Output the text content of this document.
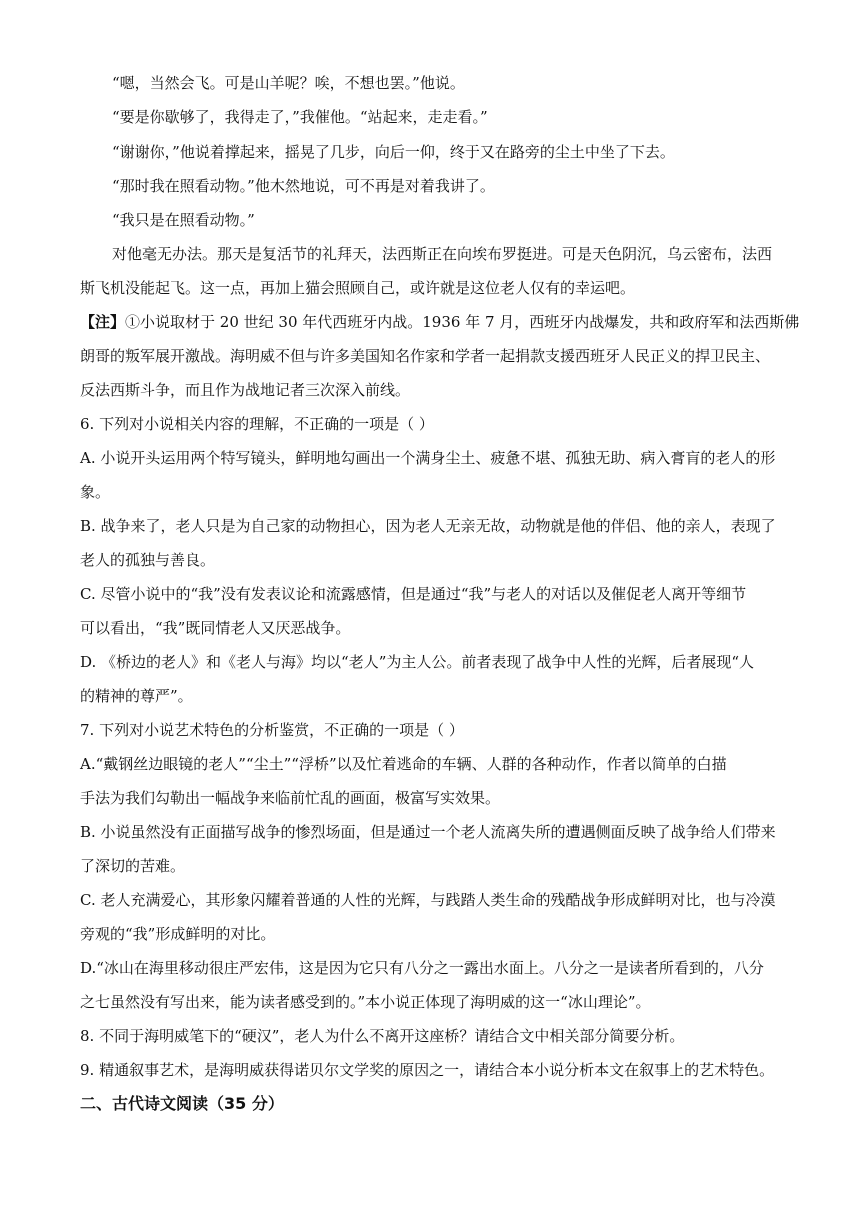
“嗯，当然会飞。可是山羊呢？唉，不想也罢。”他说。
“要是你歇够了，我得走了，”我催他。“站起来，走走看。”
“谢谢你，”他说着撑起来，摇晃了几步，向后一仰，终于又在路旁的尘土中坐了下去。
“那时我在照看动物。”他木然地说，可不再是对着我讲了。
“我只是在照看动物。”
对他毫无办法。那天是复活节的礼拜天，法西斯正在向埃布罗挺进。可是天色阴沉，乌云密布，法西
斯飞机没能起飞。这一点，再加上猫会照顾自己，或许就是这位老人仅有的幸运吧。
【注】①小说取材于 20 世纪 30 年代西班牙内战。1936 年 7 月，西班牙内战爆发，共和政府军和法西斯佛
朗哥的叛军展开激战。海明威不但与许多美国知名作家和学者一起捐款支援西班牙人民正义的捍卫民主、
反法西斯斗争，而且作为战地记者三次深入前线。
6. 下列对小说相关内容的理解，不正确的一项是（ ）
A. 小说开头运用两个特写镜头，鲜明地勾画出一个满身尘土、疲惫不堪、孤独无助、病入膏肓的老人的形
象。
B. 战争来了，老人只是为自己家的动物担心，因为老人无亲无故，动物就是他的伴侣、他的亲人，表现了
老人的孤独与善良。
C. 尽管小说中的“我”没有发表议论和流露感情，但是通过“我”与老人的对话以及催促老人离开等细节
可以看出，“我”既同情老人又厌恶战争。
D. 《桥边的老人》和《老人与海》均以“老人”为主人公。前者表现了战争中人性的光辉，后者展现“人
的精神的尊严”。
7. 下列对小说艺术特色的分析鉴赏，不正确的一项是（ ）
A.“戴钢丝边眼镜的老人”“尘土”“浮桥”以及忙着逃命的车辆、人群的各种动作，作者以简单的白描
手法为我们勾勒出一幅战争来临前忙乱的画面，极富写实效果。
B. 小说虽然没有正面描写战争的惨烈场面，但是通过一个老人流离失所的遭遇侧面反映了战争给人们带来
了深切的苦难。
C. 老人充满爱心，其形象闪耀着普通的人性的光辉，与践踏人类生命的残酷战争形成鲜明对比，也与冷漠
旁观的“我”形成鲜明的对比。
D.“冰山在海里移动很庄严宏伟，这是因为它只有八分之一露出水面上。八分之一是读者所看到的，八分
之七虽然没有写出来，能为读者感受到的。”本小说正体现了海明威的这一“冰山理论”。
8. 不同于海明威笔下的“硬汉”，老人为什么不离开这座桥？请结合文中相关部分简要分析。
9. 精通叙事艺术，是海明威获得诺贝尔文学奖的原因之一，请结合本小说分析本文在叙事上的艺术特色。
二、古代诗文阅读（35 分）
